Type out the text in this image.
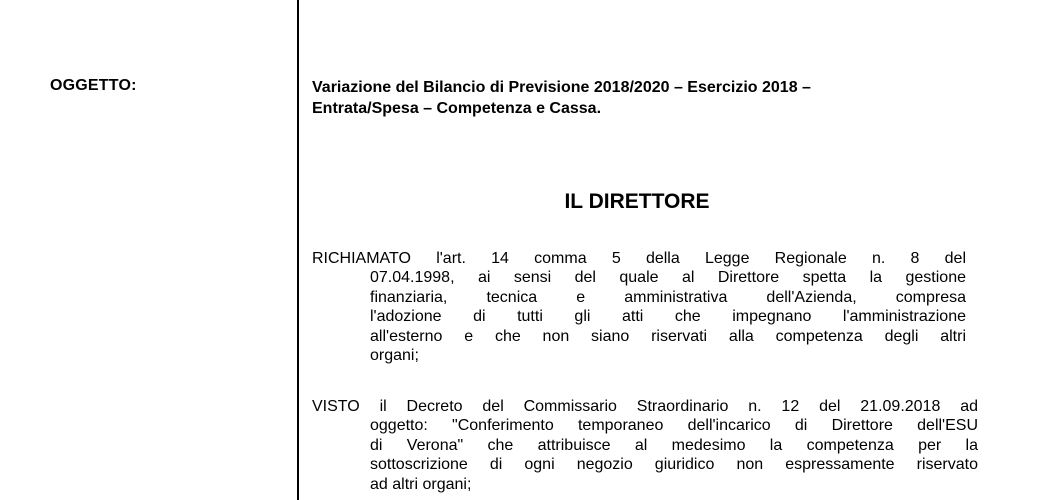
OGGETTO:	Variazione del Bilancio di Previsione 2018/2020 – Esercizio 2018 –
Entrata/Spesa – Competenza e Cassa.
IL DIRETTORE
RICHIAMATO l'art. 14 comma 5 della Legge Regionale n. 8 del
07.04.1998, ai sensi del quale al Direttore spetta la gestione
finanziaria, tecnica e amministrativa dell'Azienda, compresa
l'adozione di tutti gli atti che impegnano l'amministrazione
all'esterno e che non siano riservati alla competenza degli altri
organi;
VISTO il Decreto del Commissario Straordinario n. 12 del 21.09.2018 ad
oggetto: "Conferimento temporaneo dell'incarico di Direttore dell'ESU
di Verona" che attribuisce al medesimo la competenza per la
sottoscrizione di ogni negozio giuridico non espressamente riservato
ad altri organi;
